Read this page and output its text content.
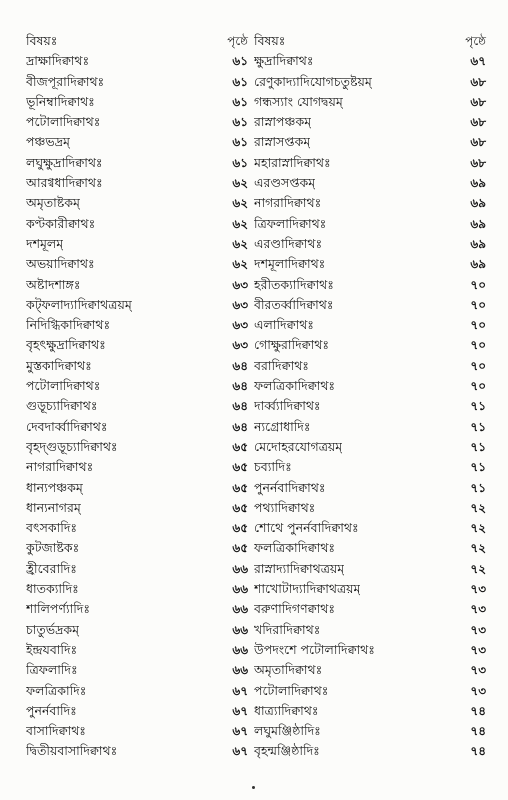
বিষয়ঃ	পৃষ্ঠে
দ্রাক্ষাদিক্বাথঃ	৬১
বীজপূরাদিক্বাথঃ	৬১
ভূনিম্বাদিক্বাথঃ	৬১
পটোলাদিক্বাথঃ	৬১
পঞ্চভদ্রম্	৬১
লঘুক্ষুদ্রাদিক্বাথঃ	৬১
আরগ্বধাদিক্বাথঃ	৬২
অমৃতাষ্টকম্	৬২
কণ্টকারীক্বাথঃ	৬২
দশমূলম্	৬২
অভয়াদিক্বাথঃ	৬২
অষ্টাদশাঙ্গঃ	৬৩
কট্ফলাদ্যাদিক্বাথত্রয়ম্	৬৩
নিদিগ্ধিকাদিক্বাথঃ	৬৩
বৃহৎক্ষুদ্রাদিক্বাথঃ	৬৩
মুস্তকাদিক্বাথঃ	৬৪
পটোলাদিক্বাথঃ	৬৪
গুড়ূচ্যাদিক্বাথঃ	৬৪
দেবদার্ব্বাদিক্বাথঃ	৬৪
বৃহদ্গুড়ূচ্যাদিক্বাথঃ	৬৫
নাগরাদিক্বাথঃ	৬৫
ধান্যপঞ্চকম্	৬৫
ধান্যনাগরম্	৬৫
বৎসকাদিঃ	৬৫
কুটজাষ্টকঃ	৬৫
হ্রীবেরাদিঃ	৬৬
ধাতক্যাদিঃ	৬৬
শালিপর্ণ্যাদিঃ	৬৬
চাতুর্ভদ্রকম্	৬৬
ইন্দ্রযবাদিঃ	৬৬
ত্রিফলাদিঃ	৬৬
ফলত্রিকাদিঃ	৬৭
পুনর্নবাদিঃ	৬৭
বাসাদিক্বাথঃ	৬৭
দ্বিতীয়বাসাদিক্বাথঃ	৬৭
বিষয়ঃ	পৃষ্ঠে
ক্ষুদ্রাদিক্বাথঃ	৬৭
রেণুকাদ্যাদিযোগচতুষ্টয়ম্	৬৮
গন্ধস্যাং যোগদ্বয়ম্	৬৮
রাস্নাপঞ্চকম্	৬৮
রাস্নাসপ্তকম্	৬৮
মহারাস্নাদিক্বাথঃ	৬৮
এরণ্ডসপ্তকম্	৬৯
নাগরাদিক্বাথঃ	৬৯
ত্রিফলাদিক্বাথঃ	৬৯
এরণ্ডাদিক্বাথঃ	৬৯
দশমূলাদিক্বাথঃ	৬৯
হরীতক্যাদিক্বাথঃ	৭০
বীরতর্ব্বাদিক্বাথঃ	৭০
এলাদিক্বাথঃ	৭০
গোক্ষুরাদিক্বাথঃ	৭০
বরাদিক্বাথঃ	৭০
ফলত্রিকাদিক্বাথঃ	৭০
দার্ব্ব্যাদিক্বাথঃ	৭১
ন্যগ্রোধাদিঃ	৭১
মেদোহরযোগত্রয়ম্	৭১
চব্যাদিঃ	৭১
পুনর্নবাদিক্বাথঃ	৭১
পথ্যাদিক্বাথঃ	৭২
শোথে পুনর্নবাদিক্বাথঃ	৭২
ফলত্রিকাদিক্বাথঃ	৭২
রাস্নাদ্যাদিক্বাথত্রয়ম্	৭২
শাখোটাদ্যাদিক্বাথত্রয়ম্	৭৩
বরুণাদিগণক্বাথঃ	৭৩
খদিরাদিক্বাথঃ	৭৩
উপদংশে পটোলাদিক্বাথঃ	৭৩
অমৃতাদিক্বাথঃ	৭৩
পটোলাদিক্বাথঃ	৭৩
ধাত্র্যাদিক্বাথঃ	৭৪
লঘুমঞ্জিষ্ঠাদিঃ	৭৪
বৃহন্মঞ্জিষ্ঠাদিঃ	৭৪
